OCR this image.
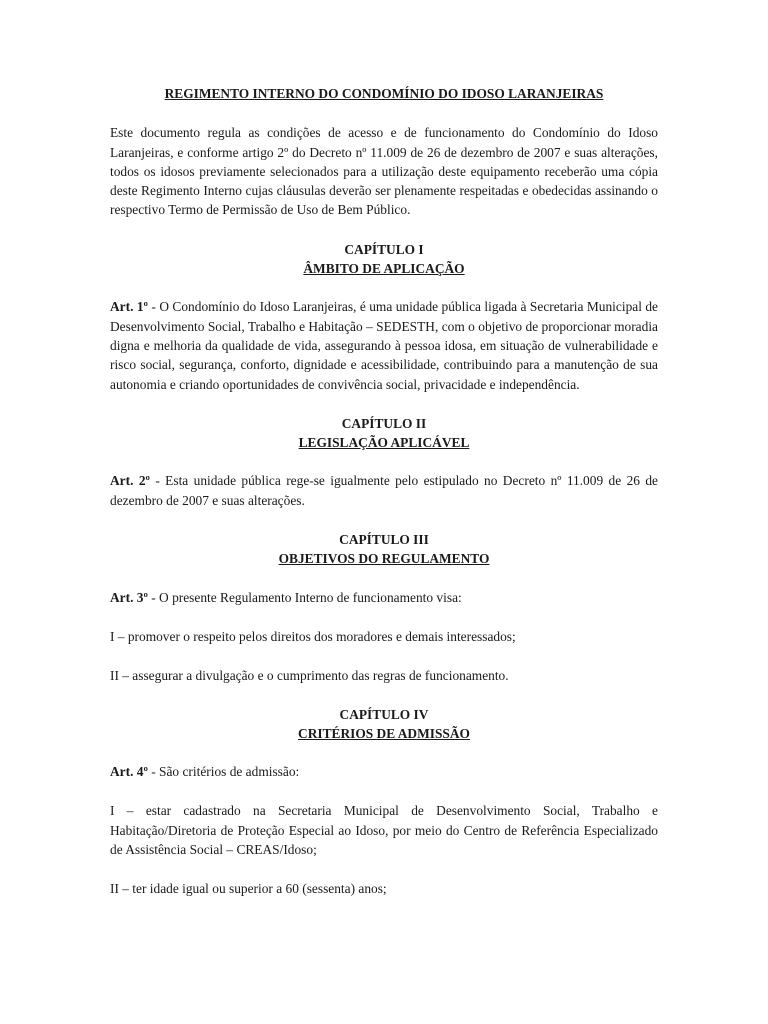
REGIMENTO INTERNO DO CONDOMÍNIO DO IDOSO LARANJEIRAS

Este documento regula as condições de acesso e de funcionamento do Condomínio do Idoso Laranjeiras, e conforme artigo 2º do Decreto nº 11.009 de 26 de dezembro de 2007 e suas alterações, todos os idosos previamente selecionados para a utilização deste equipamento receberão uma cópia deste Regimento Interno cujas cláusulas deverão ser plenamente respeitadas e obedecidas assinando o respectivo Termo de Permissão de Uso de Bem Público.

CAPÍTULO I
ÂMBITO DE APLICAÇÃO

Art. 1º - O Condomínio do Idoso Laranjeiras, é uma unidade pública ligada à Secretaria Municipal de Desenvolvimento Social, Trabalho e Habitação – SEDESTH, com o objetivo de proporcionar moradia digna e melhoria da qualidade de vida, assegurando à pessoa idosa, em situação de vulnerabilidade e risco social, segurança, conforto, dignidade e acessibilidade, contribuindo para a manutenção de sua autonomia e criando oportunidades de convivência social, privacidade e independência.

CAPÍTULO II
LEGISLAÇÃO APLICÁVEL

Art. 2º - Esta unidade pública rege-se igualmente pelo estipulado no Decreto nº 11.009 de 26 de dezembro de 2007 e suas alterações.

CAPÍTULO III
OBJETIVOS DO REGULAMENTO

Art. 3º - O presente Regulamento Interno de funcionamento visa:

I – promover o respeito pelos direitos dos moradores e demais interessados;

II – assegurar a divulgação e o cumprimento das regras de funcionamento.

CAPÍTULO IV
CRITÉRIOS DE ADMISSÃO

Art. 4º - São critérios de admissão:

I – estar cadastrado na Secretaria Municipal de Desenvolvimento Social, Trabalho e Habitação/Diretoria de Proteção Especial ao Idoso, por meio do Centro de Referência Especializado de Assistência Social – CREAS/Idoso;

II – ter idade igual ou superior a 60 (sessenta) anos;
